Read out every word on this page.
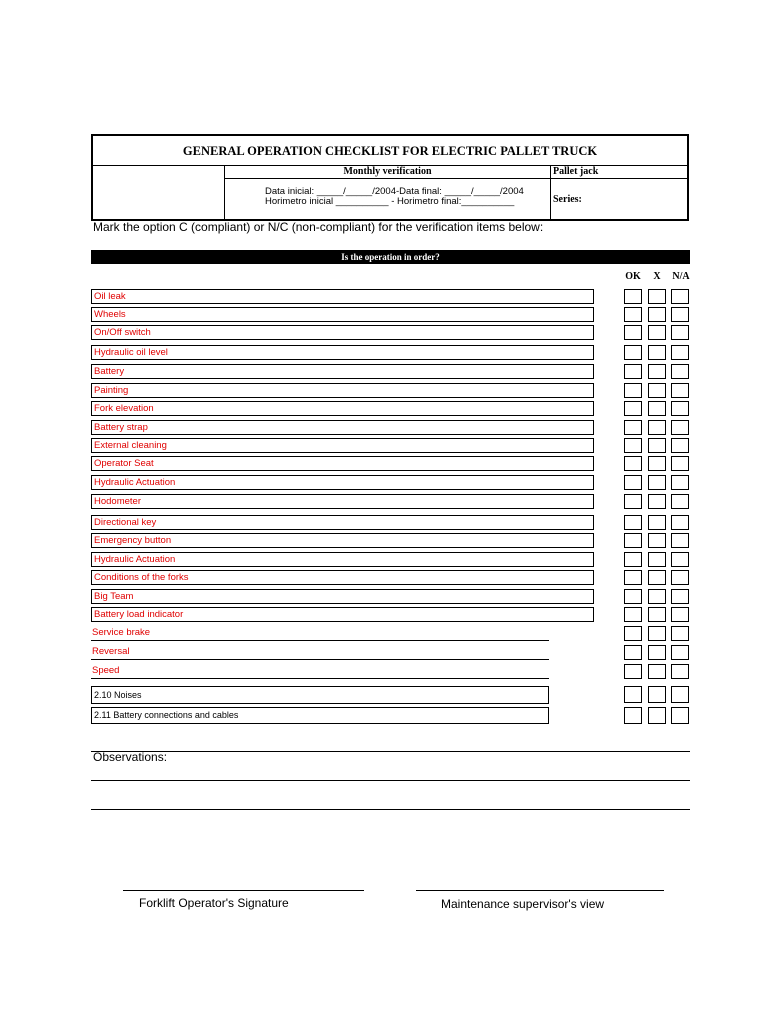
GENERAL OPERATION CHECKLIST FOR ELECTRIC PALLET TRUCK
Monthly verification	Pallet jack
Data inicial: _____/_____/2004-Data final: _____/_____/2004
Horimetro inicial __________ - Horimetro final:__________	Series:
Mark the option C (compliant) or N/C (non-compliant) for the verification items below:
Is the operation in order?
OK	X	N/A
Oil leak
Wheels
On/Off switch
Hydraulic oil level
Battery
Painting
Fork elevation
Battery strap
External cleaning
Operator Seat
Hydraulic Actuation
Hodometer
Directional key
Emergency button
Hydraulic Actuation
Conditions of the forks
Big Team
Battery load indicator
Service brake
Reversal
Speed
2.10 Noises
2.11 Battery connections and cables
Observations:
Forklift Operator's Signature	Maintenance supervisor's view
